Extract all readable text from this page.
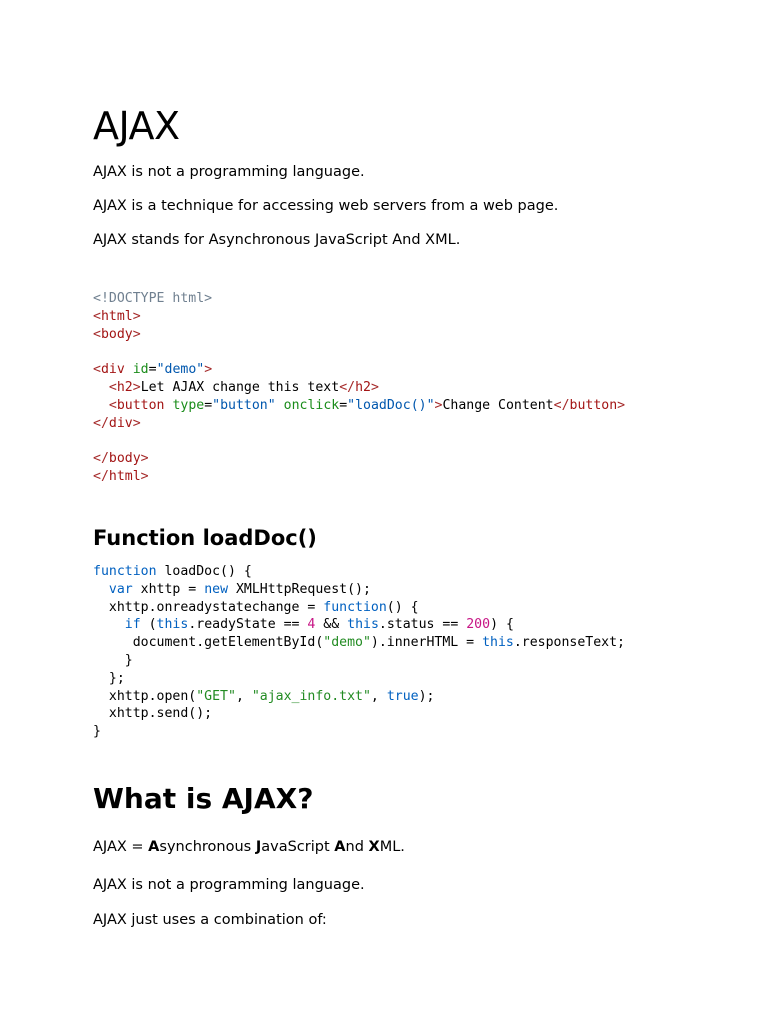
AJAX

AJAX is not a programming language.

AJAX is a technique for accessing web servers from a web page.

AJAX stands for Asynchronous JavaScript And XML.

<!DOCTYPE html>
<html>
<body>

<div id="demo">
<h2>Let AJAX change this text</h2>
<button type="button" onclick="loadDoc()">Change Content</button>
</div>

</body>
</html>
Function loadDoc()
function loadDoc() {
var xhttp = new XMLHttpRequest();
xhttp.onreadystatechange = function() {
if (this.readyState == 4 && this.status == 200) {
document.getElementById("demo").innerHTML = this.responseText;
}
};
xhttp.open("GET", "ajax_info.txt", true);
xhttp.send();
}
What is AJAX?

AJAX = Asynchronous JavaScript And XML.

AJAX is not a programming language.

AJAX just uses a combination of:
